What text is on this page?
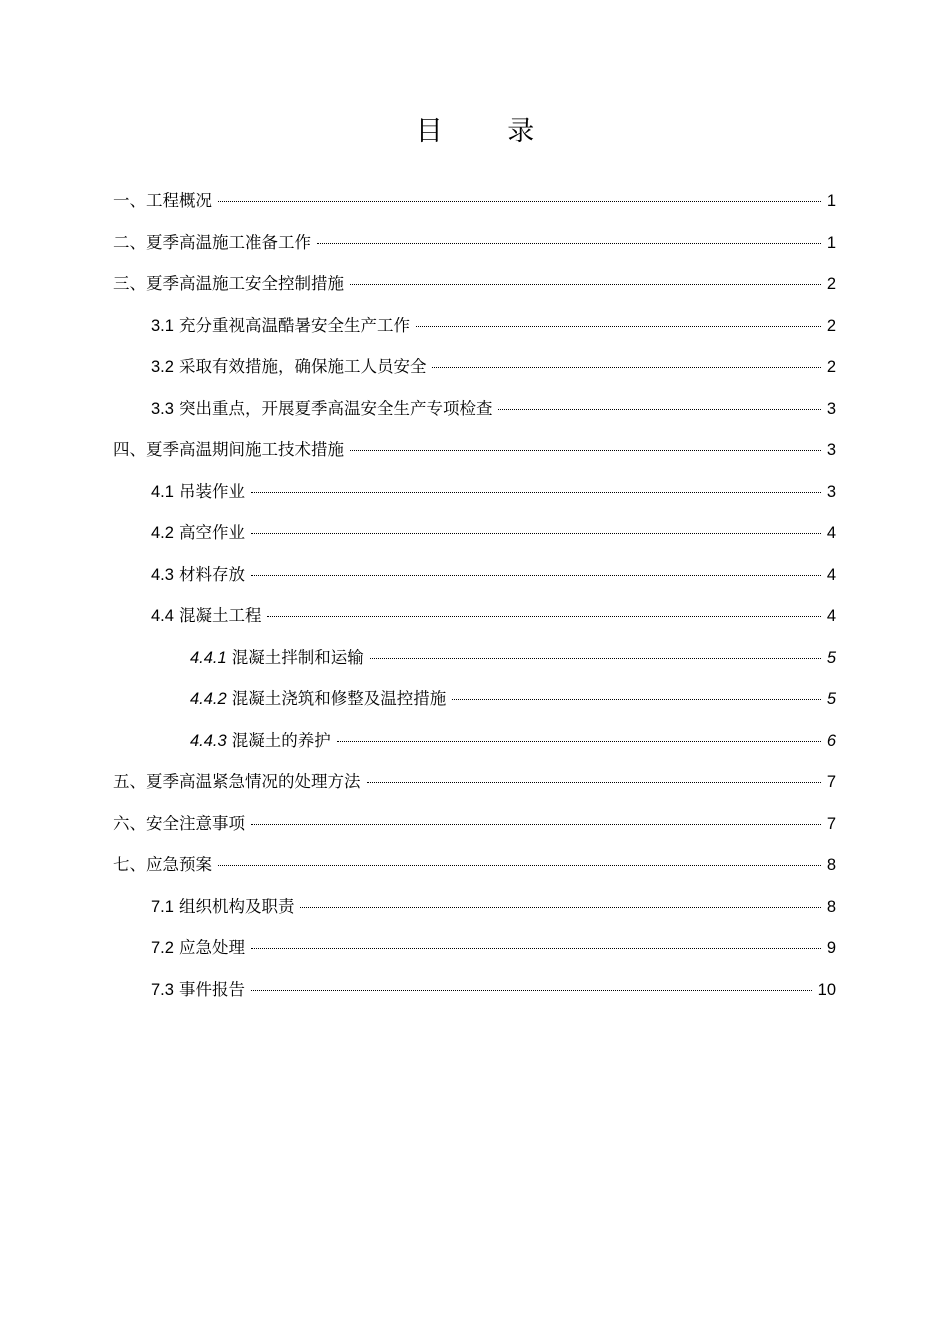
目 录
一、工程概况	1
二、夏季高温施工准备工作	1
三、夏季高温施工安全控制措施	2
3.1 充分重视高温酷暑安全生产工作	2
3.2 采取有效措施，确保施工人员安全	2
3.3 突出重点，开展夏季高温安全生产专项检查	3
四、夏季高温期间施工技术措施	3
4.1 吊装作业	3
4.2 高空作业	4
4.3 材料存放	4
4.4 混凝土工程	4
4.4.1 混凝土拌制和运输	5
4.4.2 混凝土浇筑和修整及温控措施	5
4.4.3 混凝土的养护	6
五、夏季高温紧急情况的处理方法	7
六、安全注意事项	7
七、应急预案	8
7.1 组织机构及职责	8
7.2 应急处理	9
7.3 事件报告	10
